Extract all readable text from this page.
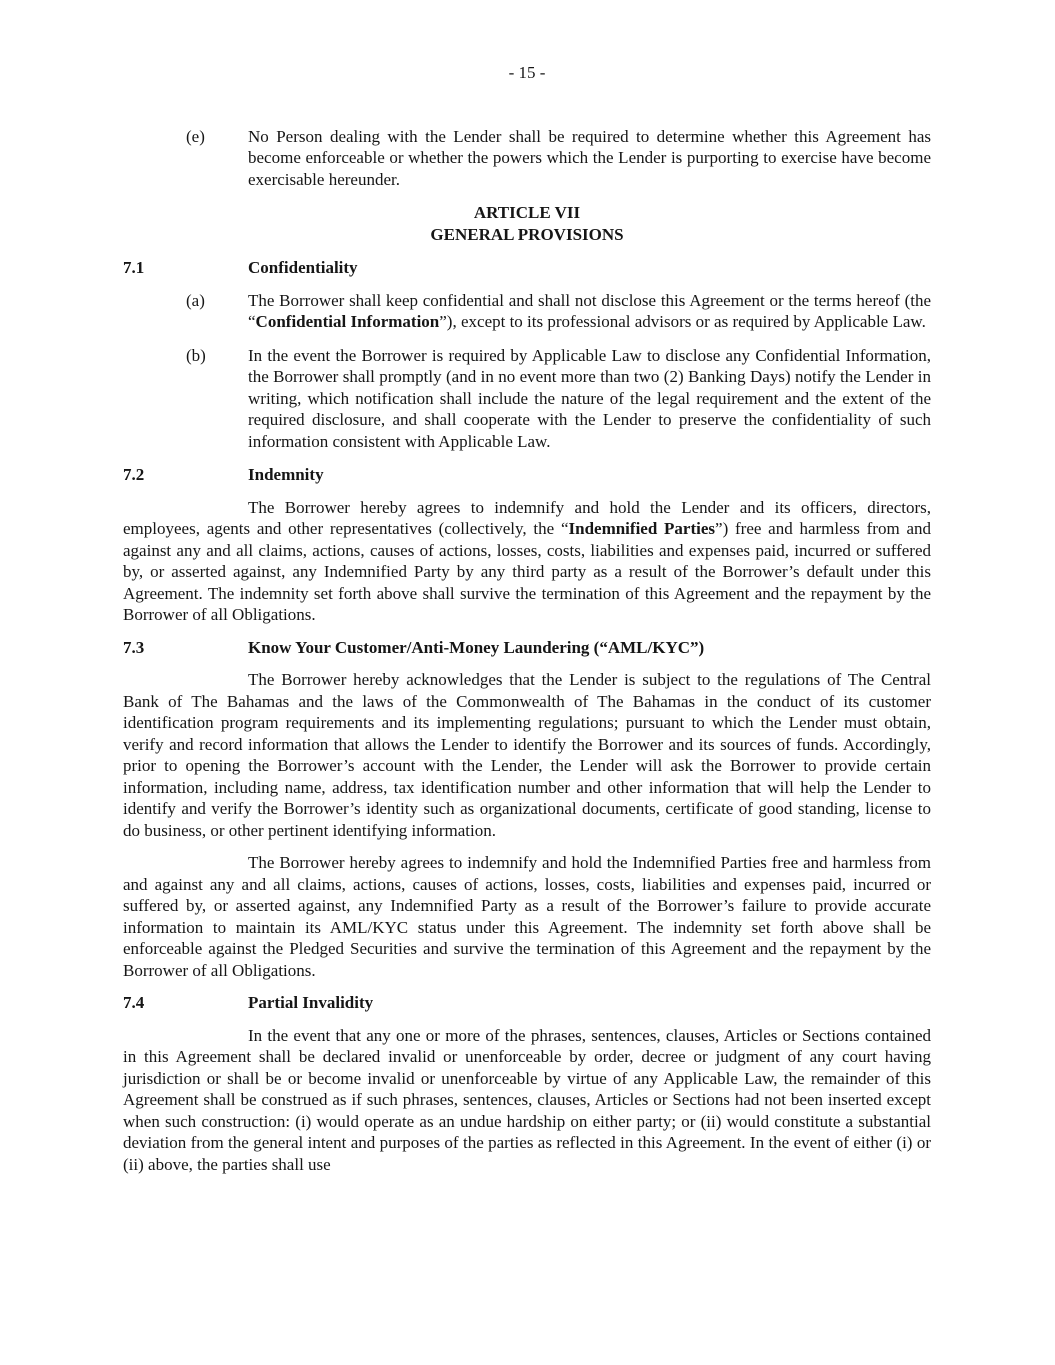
- 15 -
(e)	No Person dealing with the Lender shall be required to determine whether this Agreement has become enforceable or whether the powers which the Lender is purporting to exercise have become exercisable hereunder.
ARTICLE VII
GENERAL PROVISIONS
7.1	Confidentiality
(a)	The Borrower shall keep confidential and shall not disclose this Agreement or the terms hereof (the “Confidential Information”), except to its professional advisors or as required by Applicable Law.
(b)	In the event the Borrower is required by Applicable Law to disclose any Confidential Information, the Borrower shall promptly (and in no event more than two (2) Banking Days) notify the Lender in writing, which notification shall include the nature of the legal requirement and the extent of the required disclosure, and shall cooperate with the Lender to preserve the confidentiality of such information consistent with Applicable Law.
7.2	Indemnity

The Borrower hereby agrees to indemnify and hold the Lender and its officers, directors, employees, agents and other representatives (collectively, the “Indemnified Parties”) free and harmless from and against any and all claims, actions, causes of actions, losses, costs, liabilities and expenses paid, incurred or suffered by, or asserted against, any Indemnified Party by any third party as a result of the Borrower’s default under this Agreement. The indemnity set forth above shall survive the termination of this Agreement and the repayment by the Borrower of all Obligations.

7.3	Know Your Customer/Anti-Money Laundering (“AML/KYC”)

The Borrower hereby acknowledges that the Lender is subject to the regulations of The Central Bank of The Bahamas and the laws of the Commonwealth of The Bahamas in the conduct of its customer identification program requirements and its implementing regulations; pursuant to which the Lender must obtain, verify and record information that allows the Lender to identify the Borrower and its sources of funds. Accordingly, prior to opening the Borrower’s account with the Lender, the Lender will ask the Borrower to provide certain information, including name, address, tax identification number and other information that will help the Lender to identify and verify the Borrower’s identity such as organizational documents, certificate of good standing, license to do business, or other pertinent identifying information.

The Borrower hereby agrees to indemnify and hold the Indemnified Parties free and harmless from and against any and all claims, actions, causes of actions, losses, costs, liabilities and expenses paid, incurred or suffered by, or asserted against, any Indemnified Party as a result of the Borrower’s failure to provide accurate information to maintain its AML/KYC status under this Agreement. The indemnity set forth above shall be enforceable against the Pledged Securities and survive the termination of this Agreement and the repayment by the Borrower of all Obligations.

7.4	Partial Invalidity

In the event that any one or more of the phrases, sentences, clauses, Articles or Sections contained in this Agreement shall be declared invalid or unenforceable by order, decree or judgment of any court having jurisdiction or shall be or become invalid or unenforceable by virtue of any Applicable Law, the remainder of this Agreement shall be construed as if such phrases, sentences, clauses, Articles or Sections had not been inserted except when such construction: (i) would operate as an undue hardship on either party; or (ii) would constitute a substantial deviation from the general intent and purposes of the parties as reflected in this Agreement. In the event of either (i) or (ii) above, the parties shall use
